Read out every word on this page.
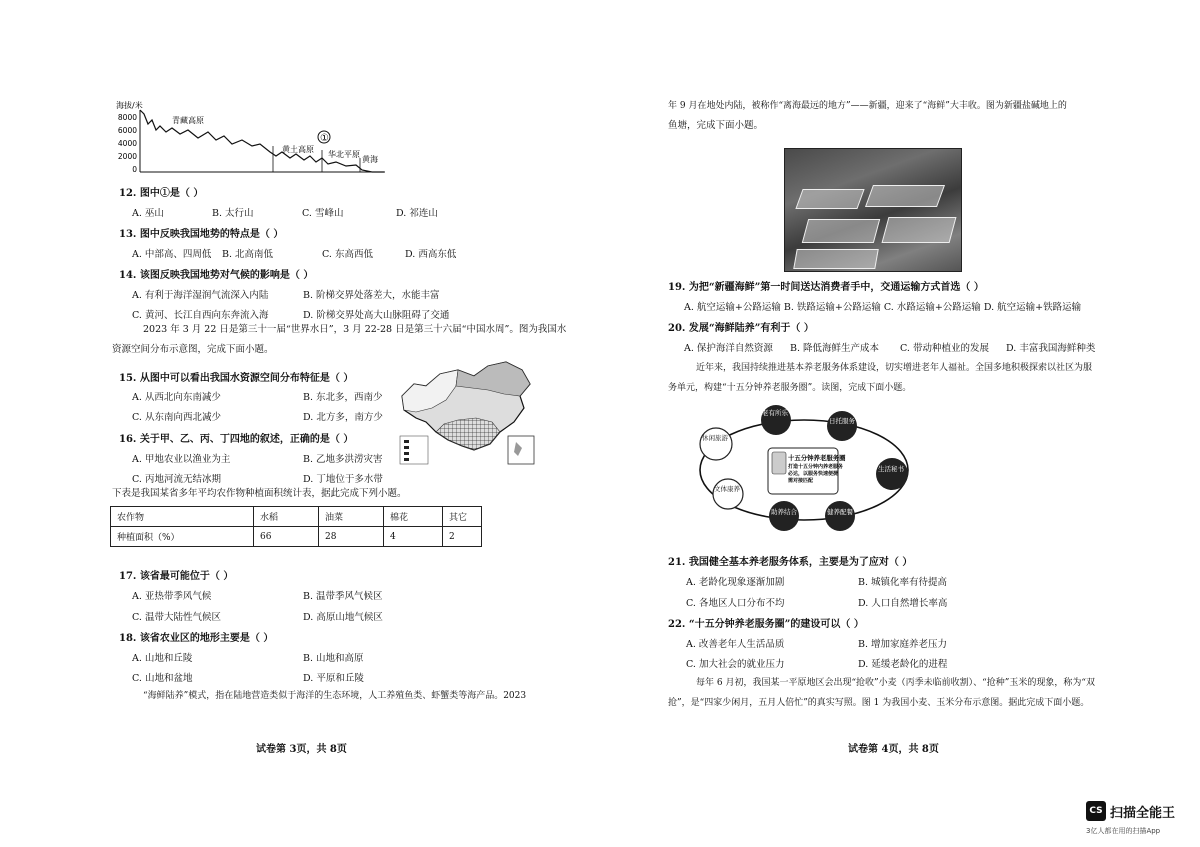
海拔/米
8000
6000
4000
2000
0
青藏高原
黄土高原
华北平原
黄海
①
12. 图中①是（ ）
A. 巫山	B. 太行山	C. 雪峰山	D. 祁连山
13. 图中反映我国地势的特点是（ ）
A. 中部高、四周低 B. 北高南低	C. 东高西低	D. 西高东低
14. 该图反映我国地势对气候的影响是（ ）
A. 有利于海洋湿润气流深入内陆	B. 阶梯交界处落差大，水能丰富
C. 黄河、长江自西向东奔流入海	D. 阶梯交界处高大山脉阻碍了交通
2023 年 3 月 22 日是第三十一届“世界水日”，3 月 22-28 日是第三十六届“中国水周”。图为我国水
资源空间分布示意图，完成下面小题。
15. 从图中可以看出我国水资源空间分布特征是（ ）
A. 从西北向东南减少	B. 东北多，西南少
C. 从东南向西北减少	D. 北方多，南方少
16. 关于甲、乙、丙、丁四地的叙述，正确的是（ ）
A. 甲地农业以渔业为主	B. 乙地多洪涝灾害
C. 丙地河流无结冰期	D. 丁地位于多水带
下表是我国某省多年平均农作物种植面积统计表，据此完成下列小题。
农作物	水稻	油菜	棉花	其它
种植面积（%）	66	28	4	2
17. 该省最可能位于（ ）
A. 亚热带季风气候	B. 温带季风气候区
C. 温带大陆性气候区	D. 高原山地气候区
18. 该省农业区的地形主要是（ ）
A. 山地和丘陵	B. 山地和高原
C. 山地和盆地	D. 平原和丘陵
“海鲜陆养”模式，指在陆地营造类似于海洋的生态环境，人工养殖鱼类、虾蟹类等海产品。2023
试卷第 3页，共 8页
年 9 月在地处内陆，被称作“离海最远的地方”——新疆，迎来了“海鲜”大丰收。图为新疆盐碱地上的
鱼塘，完成下面小题。
19. 为把“新疆海鲜”第一时间送达消费者手中，交通运输方式首选（ ）
A. 航空运输+公路运输 B. 铁路运输+公路运输 C. 水路运输+公路运输 D. 航空运输+铁路运输
20. 发展“海鲜陆养”有利于（ ）
A. 保护海洋自然资源 B. 降低海鲜生产成本 C. 带动种植业的发展 D. 丰富我国海鲜种类
近年来，我国持续推进基本养老服务体系建设，切实增进老年人福祉。全国多地积极探索以社区为服
务单元，构建“十五分钟养老服务圈”。读图，完成下面小题。
十五分钟养老服务圈
打造十五分钟内养老服务
必达，以服务快速便捷
需对接匹配
老有所乐
日托服务
生活秘书
健养配餐
助养结合
文体康养
休闲旅游
21. 我国健全基本养老服务体系，主要是为了应对（ ）
A. 老龄化现象逐渐加剧	B. 城镇化率有待提高
C. 各地区人口分布不均	D. 人口自然增长率高
22. “十五分钟养老服务圈”的建设可以（ ）
A. 改善老年人生活品质	B. 增加家庭养老压力
C. 加大社会的就业压力	D. 延缓老龄化的进程
每年 6 月初，我国某一平原地区会出现“抢收”小麦（丙季未临前收割）、“抢种”玉米的现象，称为“双
抢”，是“四家少闲月，五月人倍忙”的真实写照。图 1 为我国小麦、玉米分布示意图。据此完成下面小题。
试卷第 4页，共 8页
CS 扫描全能王
3亿人都在用的扫描App
